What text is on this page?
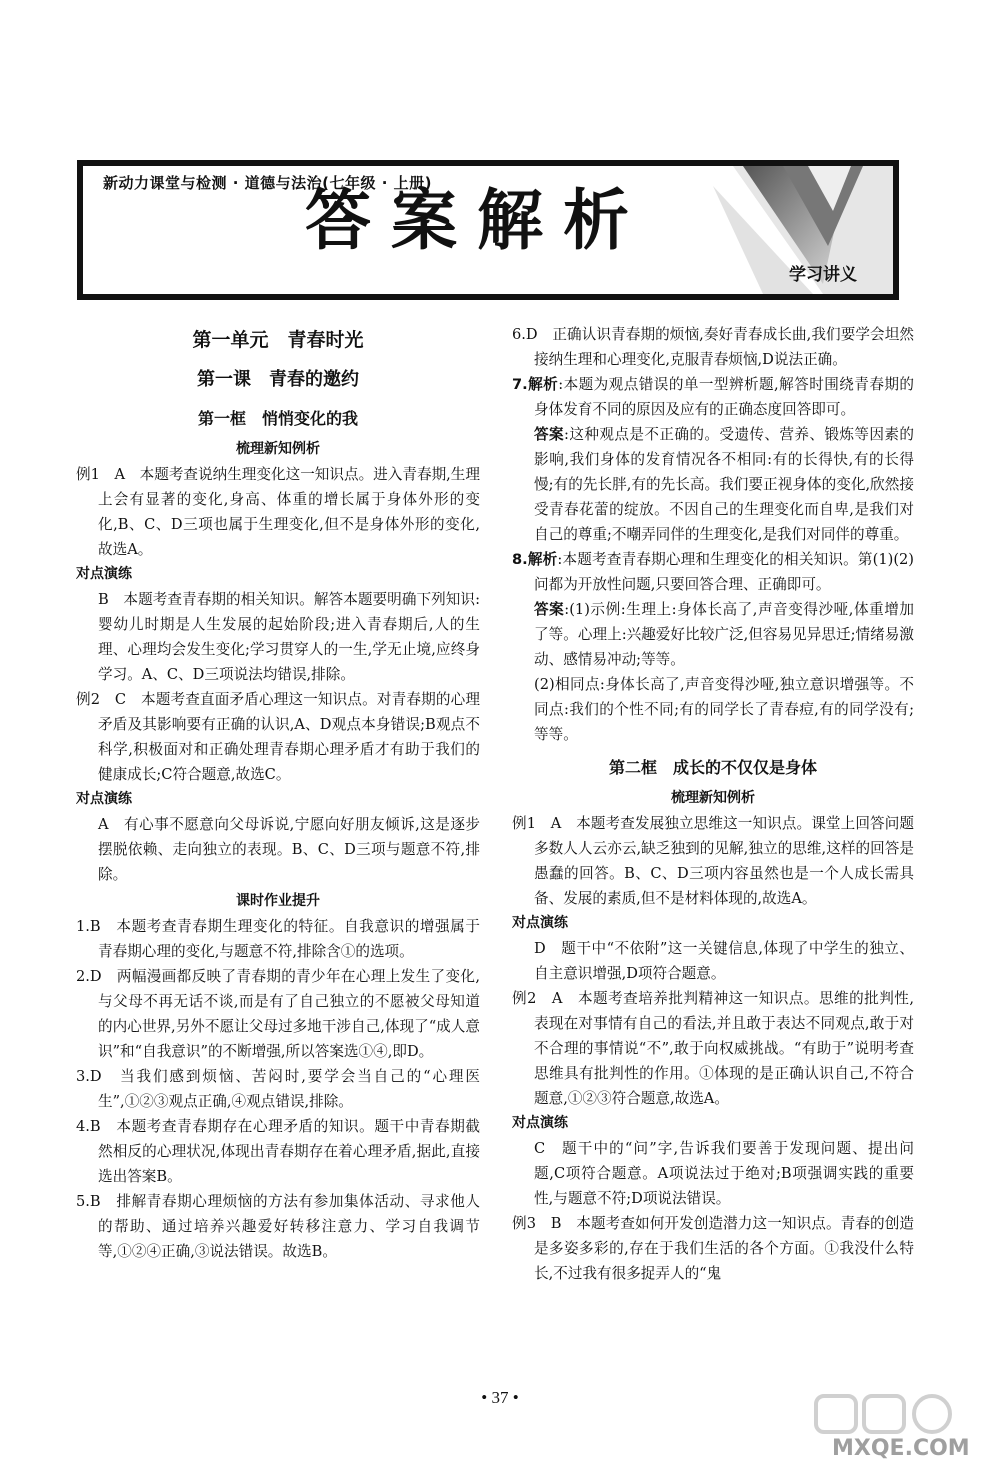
新动力课堂与检测 · 道德与法治(七年级 · 上册)
答案解析
学习讲义
第一单元　青春时光
第一课　青春的邀约
第一框　悄悄变化的我
梳理新知例析

例1　A　本题考查说纳生理变化这一知识点。进入青春期,生理上会有显著的变化,身高、体重的增长属于身体外形的变化,B、C、D三项也属于生理变化,但不是身体外形的变化,故选A。

对点演练

B　本题考查青春期的相关知识。解答本题要明确下列知识:婴幼儿时期是人生发展的起始阶段;进入青春期后,人的生理、心理均会发生变化;学习贯穿人的一生,学无止境,应终身学习。A、C、D三项说法均错误,排除。

例2　C　本题考查直面矛盾心理这一知识点。对青春期的心理矛盾及其影响要有正确的认识,A、D观点本身错误;B观点不科学,积极面对和正确处理青春期心理矛盾才有助于我们的健康成长;C符合题意,故选C。

对点演练

A　有心事不愿意向父母诉说,宁愿向好朋友倾诉,这是逐步摆脱依赖、走向独立的表现。B、C、D三项与题意不符,排除。

课时作业提升

1.B　本题考查青春期生理变化的特征。自我意识的增强属于青春期心理的变化,与题意不符,排除含①的选项。

2.D　两幅漫画都反映了青春期的青少年在心理上发生了变化,与父母不再无话不谈,而是有了自己独立的不愿被父母知道的内心世界,另外不愿让父母过多地干涉自己,体现了“成人意识”和“自我意识”的不断增强,所以答案选①④,即D。

3.D　当我们感到烦恼、苦闷时,要学会当自己的“心理医生”,①②③观点正确,④观点错误,排除。

4.B　本题考查青春期存在心理矛盾的知识。题干中青春期截然相反的心理状况,体现出青春期存在着心理矛盾,据此,直接选出答案B。

5.B　排解青春期心理烦恼的方法有参加集体活动、寻求他人的帮助、通过培养兴趣爱好转移注意力、学习自我调节等,①②④正确,③说法错误。故选B。

6.D　正确认识青春期的烦恼,奏好青春成长曲,我们要学会坦然接纳生理和心理变化,克服青春烦恼,D说法正确。

7.解析:本题为观点错误的单一型辨析题,解答时围绕青春期的身体发育不同的原因及应有的正确态度回答即可。

答案:这种观点是不正确的。受遗传、营养、锻炼等因素的影响,我们身体的发育情况各不相同:有的长得快,有的长得慢;有的先长胖,有的先长高。我们要正视身体的变化,欣然接受青春花蕾的绽放。不因自己的生理变化而自卑,是我们对自己的尊重;不嘲弄同伴的生理变化,是我们对同伴的尊重。

8.解析:本题考查青春期心理和生理变化的相关知识。第(1)(2)问都为开放性问题,只要回答合理、正确即可。

答案:(1)示例:生理上:身体长高了,声音变得沙哑,体重增加了等。心理上:兴趣爱好比较广泛,但容易见异思迁;情绪易激动、感情易冲动;等等。

(2)相同点:身体长高了,声音变得沙哑,独立意识增强等。不同点:我们的个性不同;有的同学长了青春痘,有的同学没有;等等。

第二框　成长的不仅仅是身体
梳理新知例析

例1　A　本题考查发展独立思维这一知识点。课堂上回答问题多数人人云亦云,缺乏独到的见解,独立的思维,这样的回答是愚蠢的回答。B、C、D三项内容虽然也是一个人成长需具备、发展的素质,但不是材料体现的,故选A。

对点演练

D　题干中“不依附”这一关键信息,体现了中学生的独立、自主意识增强,D项符合题意。

例2　A　本题考查培养批判精神这一知识点。思维的批判性,表现在对事情有自己的看法,并且敢于表达不同观点,敢于对不合理的事情说“不”,敢于向权威挑战。“有助于”说明考查思维具有批判性的作用。①体现的是正确认识自己,不符合题意,①②③符合题意,故选A。

对点演练

C　题干中的“问”字,告诉我们要善于发现问题、提出问题,C项符合题意。A项说法过于绝对;B项强调实践的重要性,与题意不符;D项说法错误。

例3　B　本题考查如何开发创造潜力这一知识点。青春的创造是多姿多彩的,存在于我们生活的各个方面。①我没什么特长,不过我有很多捉弄人的“鬼

• 37 •
MXQE.COM
